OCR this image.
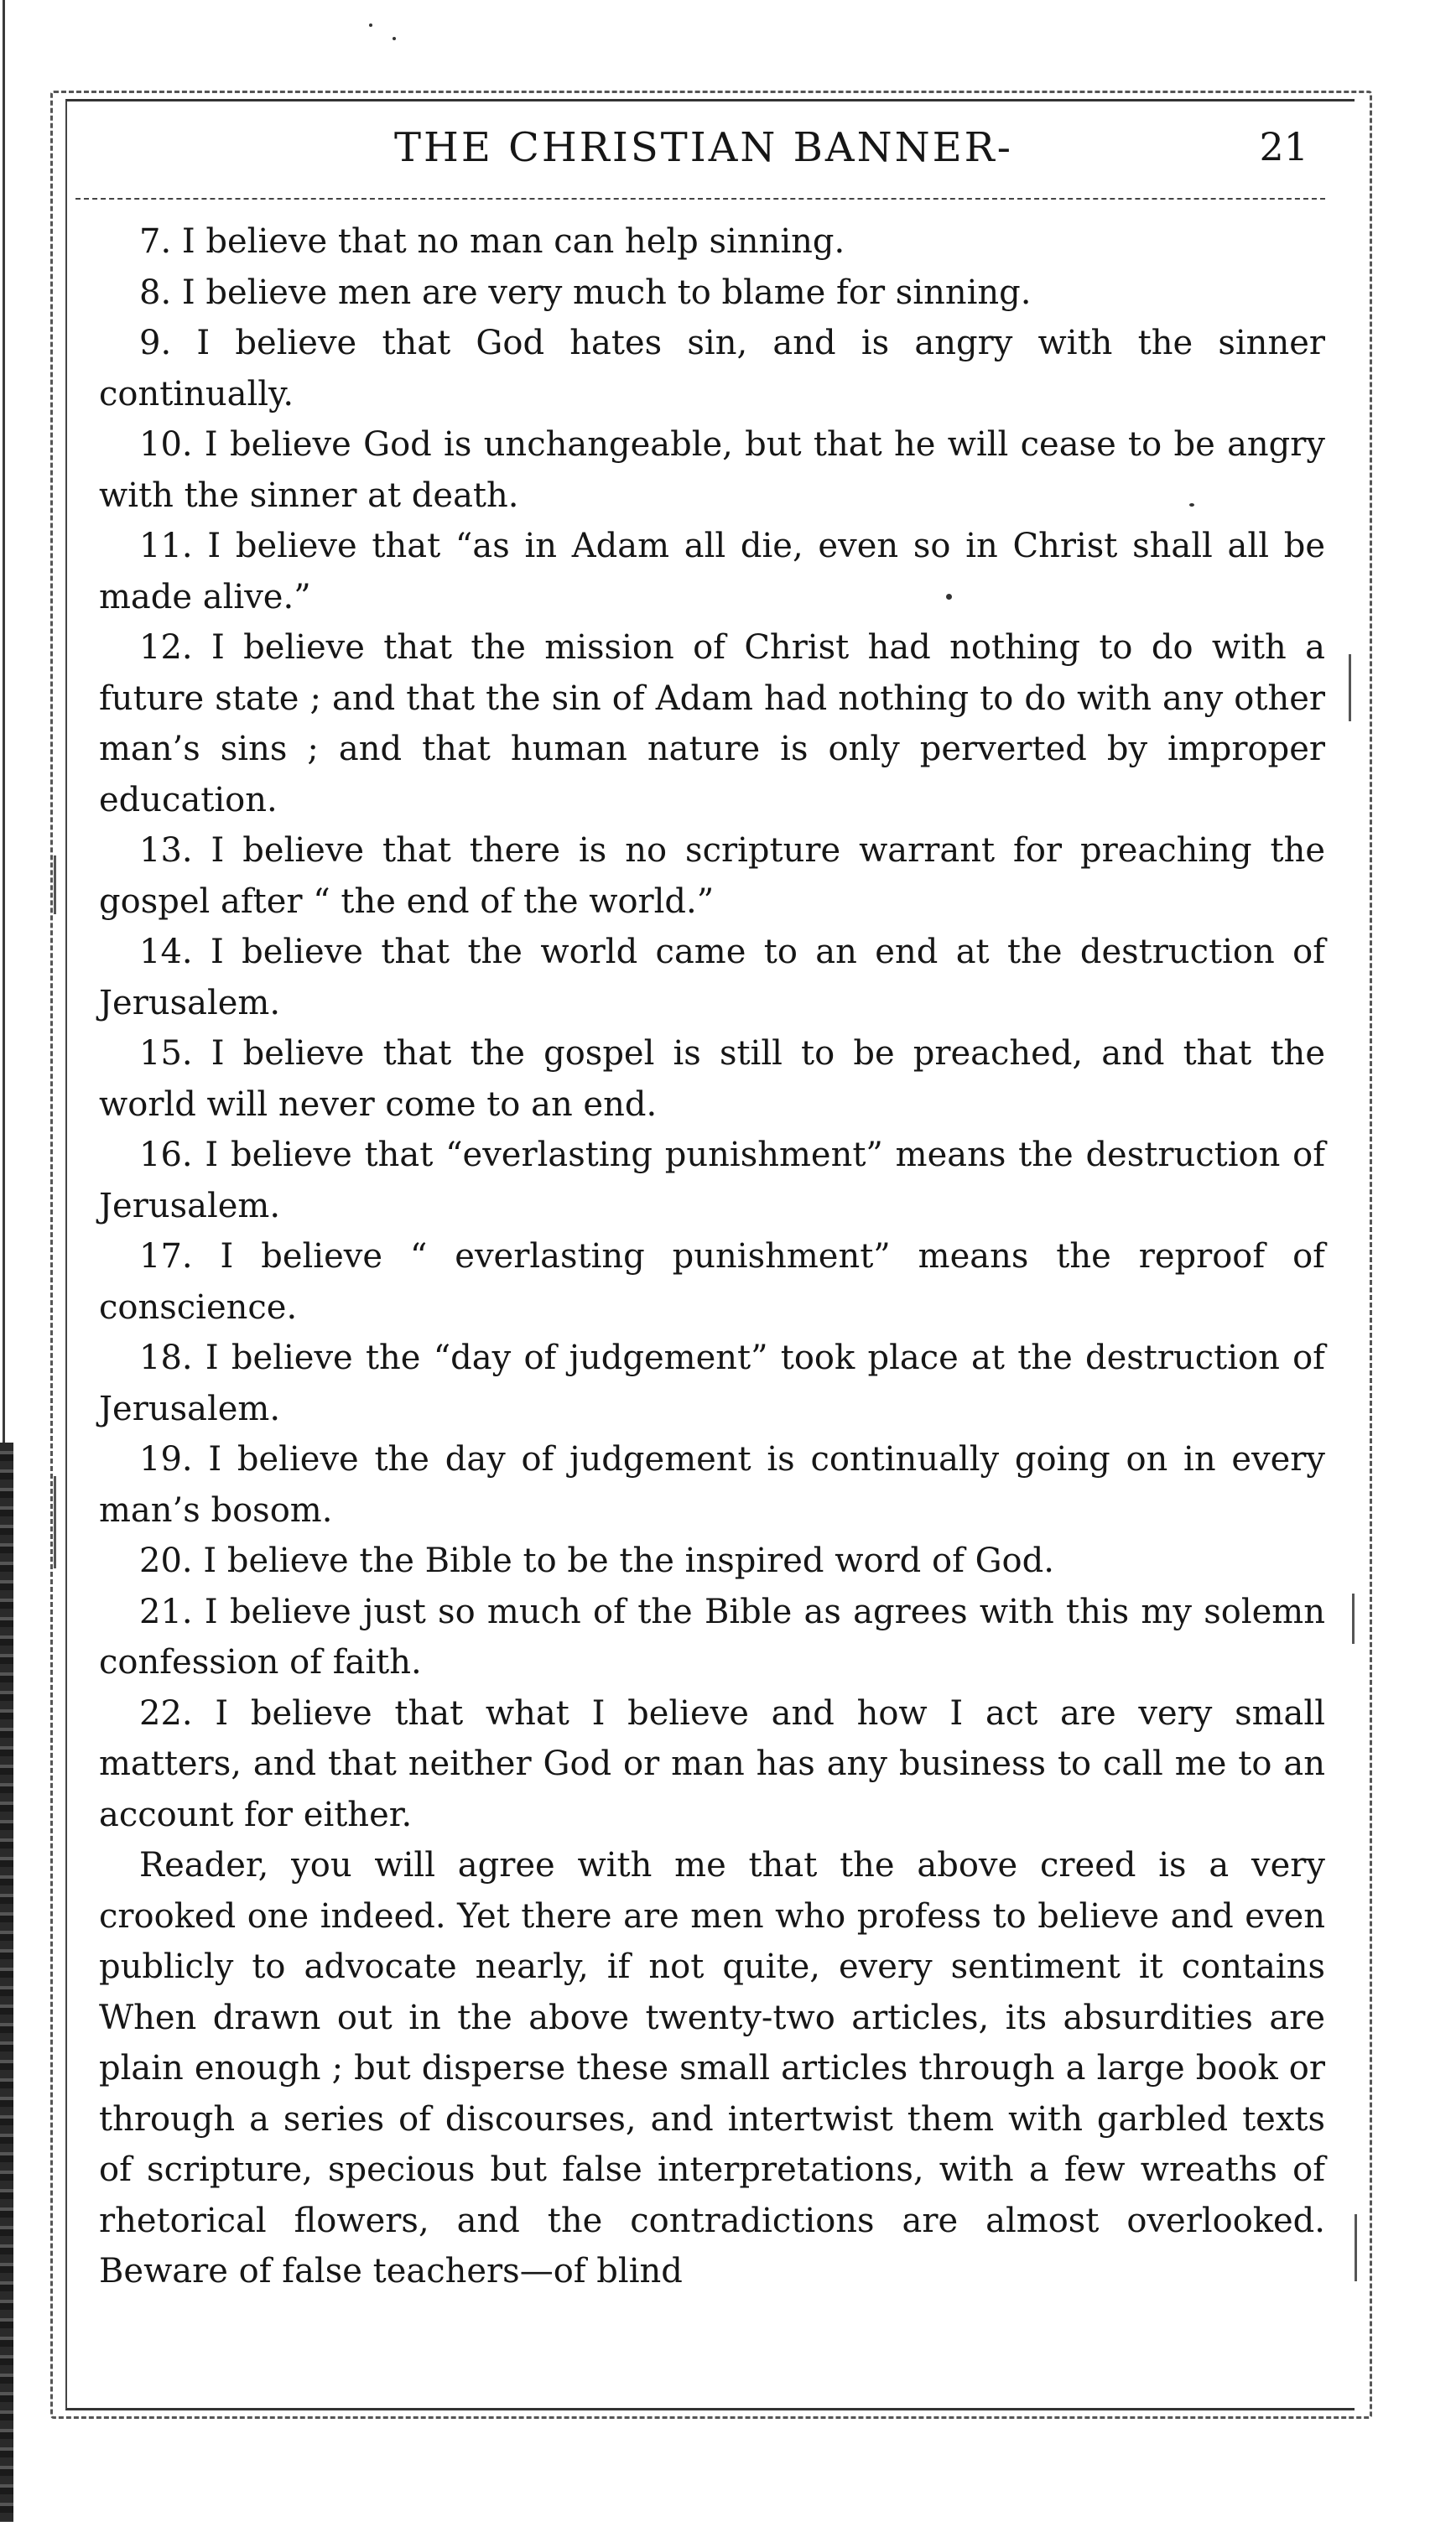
THE CHRISTIAN BANNER-	21

7. I believe that no man can help sinning.

8. I believe men are very much to blame for sinning.

9. I believe that God hates sin, and is angry with the sinner continually.

10. I believe God is unchangeable, but that he will cease to be angry with the sinner at death.

11. I believe that “as in Adam all die, even so in Christ shall all be made alive.”

12. I believe that the mission of Christ had nothing to do with a future state ; and that the sin of Adam had nothing to do with any other man’s sins ; and that human nature is only perverted by improper education.

13. I believe that there is no scripture warrant for preaching the gospel after “ the end of the world.”

14. I believe that the world came to an end at the destruction of Jerusalem.

15. I believe that the gospel is still to be preached, and that the world will never come to an end.

16. I believe that “everlasting punishment” means the destruction of Jerusalem.

17. I believe “ everlasting punishment” means the reproof of conscience.

18. I believe the “day of judgement” took place at the destruction of Jerusalem.

19. I believe the day of judgement is continually going on in every man’s bosom.

20. I believe the Bible to be the inspired word of God.

21. I believe just so much of the Bible as agrees with this my solemn confession of faith.

22. I believe that what I believe and how I act are very small matters, and that neither God or man has any business to call me to an account for either.

Reader, you will agree with me that the above creed is a very crooked one indeed. Yet there are men who profess to believe and even publicly to advocate nearly, if not quite, every sentiment it contains When drawn out in the above twenty-two articles, its absurdities are plain enough ; but disperse these small articles through a large book or through a series of discourses, and intertwist them with garbled texts of scripture, specious but false interpretations, with a few wreaths of rhetorical flowers, and the contradictions are almost overlooked. Beware of false teachers—of blind
